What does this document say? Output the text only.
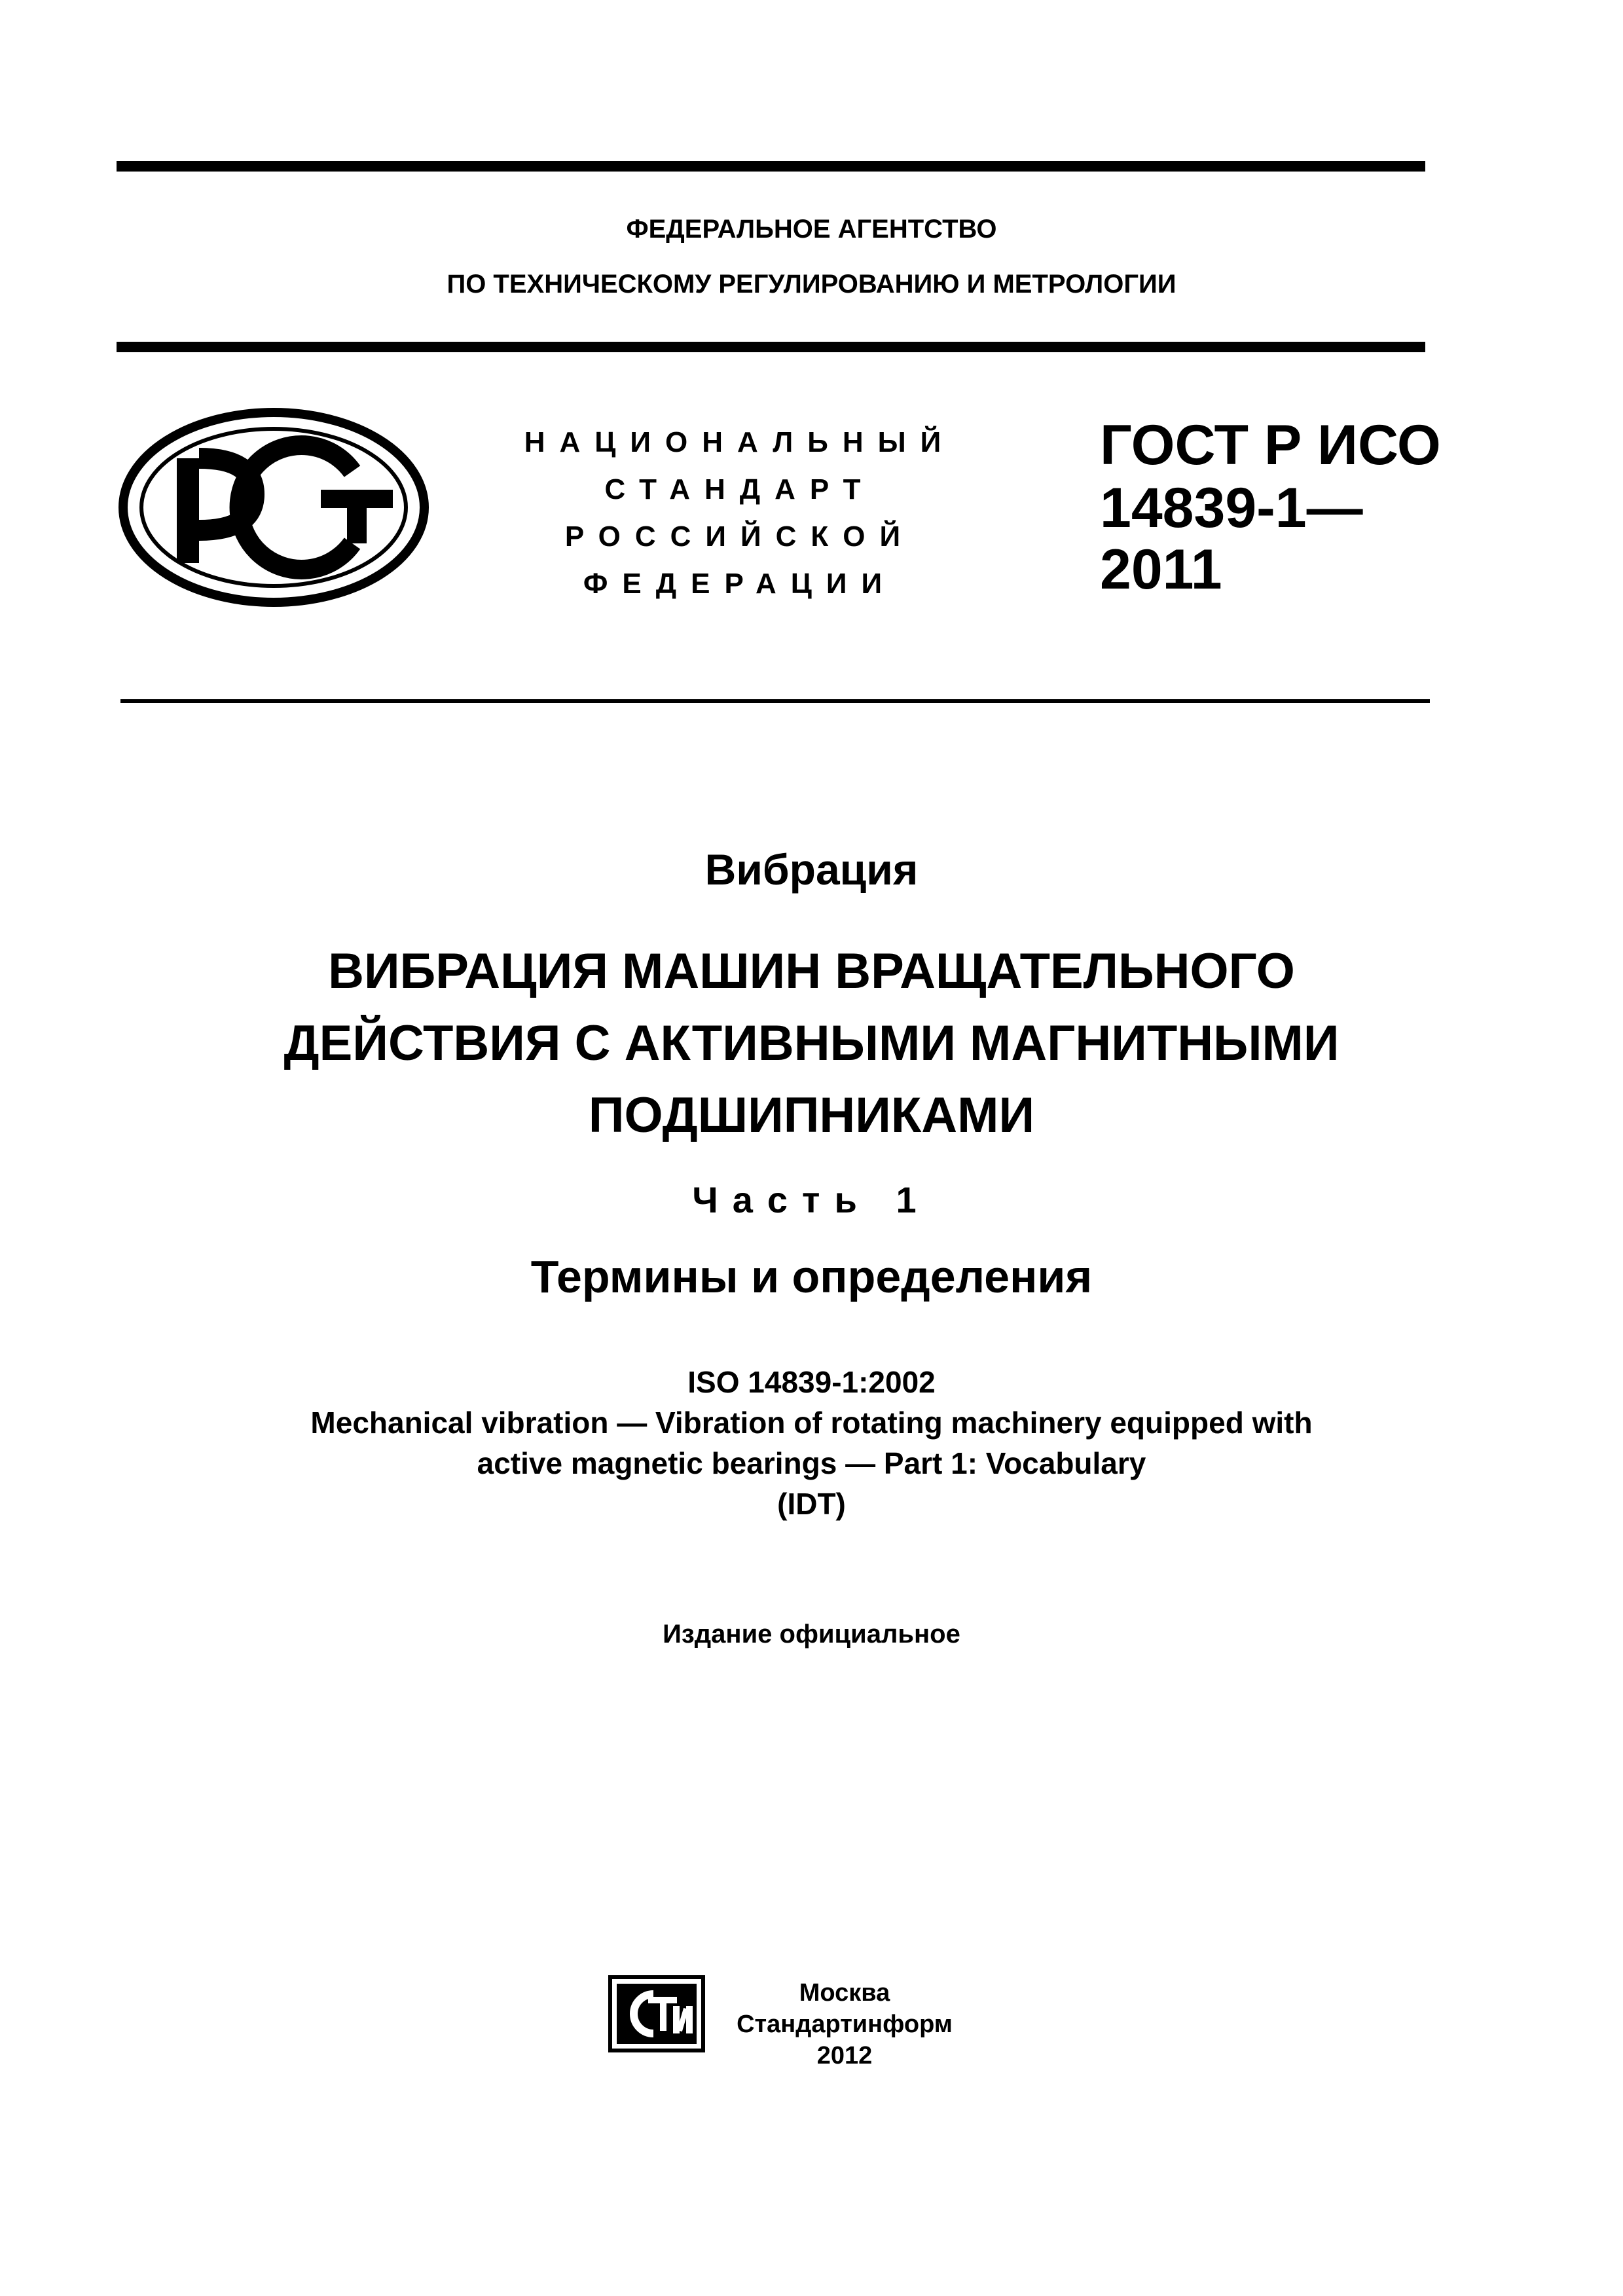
ФЕДЕРАЛЬНОЕ АГЕНТСТВО
ПО ТЕХНИЧЕСКОМУ РЕГУЛИРОВАНИЮ И МЕТРОЛОГИИ
НАЦИОНАЛЬНЫЙ
СТАНДАРТ
РОССИЙСКОЙ
ФЕДЕРАЦИИ
ГОСТ Р ИСО
14839-1—
2011
Вибрация
ВИБРАЦИЯ МАШИН ВРАЩАТЕЛЬНОГО
ДЕЙСТВИЯ С АКТИВНЫМИ МАГНИТНЫМИ
ПОДШИПНИКАМИ
Часть 1
Термины и определения
ISO 14839-1:2002
Mechanical vibration — Vibration of rotating machinery equipped with
active magnetic bearings — Part 1: Vocabulary
(IDT)
Издание официальное
Москва
Стандартинформ
2012
